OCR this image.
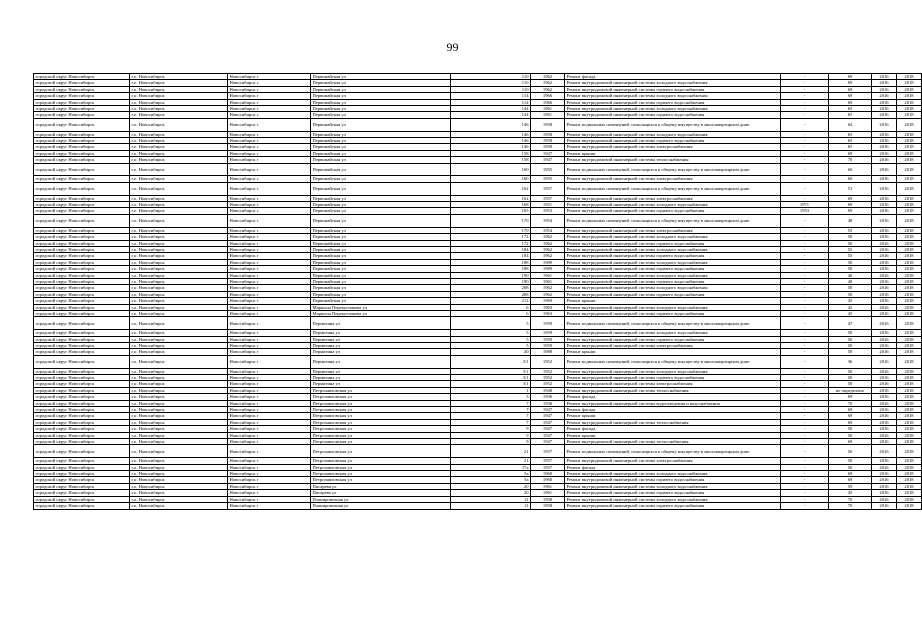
99
городской округ Новосибирск	г.о. Новосибирск	Новосибирск г	Первомайская ул	110	1962	Ремонт фасада	-	69	2016	2018
городской округ Новосибирск	г.о. Новосибирск	Новосибирск г	Первомайская ул	110	1962	Ремонт внутридомовой инженерной системы холодного водоснабжения	-	69	2016	2018
городской округ Новосибирск	г.о. Новосибирск	Новосибирск г	Первомайская ул	110	1962	Ремонт внутридомовой инженерной системы горячего водоснабжения	-	69	2016	2018
городской округ Новосибирск	г.о. Новосибирск	Новосибирск г	Первомайская ул	114	1966	Ремонт внутридомовой инженерной системы холодного водоснабжения	-	69	2016	2018
городской округ Новосибирск	г.о. Новосибирск	Новосибирск г	Первомайская ул	114	1966	Ремонт внутридомовой инженерной системы горячего водоснабжения	-	69	2016	2018
городской округ Новосибирск	г.о. Новосибирск	Новосибирск г	Первомайская ул	144	1961	Ремонт внутридомовой инженерной системы холодного водоснабжения	-	65	2016	2018
городской округ Новосибирск	г.о. Новосибирск	Новосибирск г	Первомайская ул	144	1961	Ремонт внутридомовой инженерной системы горячего водоснабжения	-	65	2016	2018
городской округ Новосибирск	г.о. Новосибирск	Новосибирск г	Первомайская ул	146	1958	Ремонт подвальных помещений, относящихся к общему имуществу в многоквартирном доме	-	64	2016	2018
городской округ Новосибирск	г.о. Новосибирск	Новосибирск г	Первомайская ул	146	1958	Ремонт внутридомовой инженерной системы холодного водоснабжения	-	65	2016	2018
городской округ Новосибирск	г.о. Новосибирск	Новосибирск г	Первомайская ул	146	1958	Ремонт внутридомовой инженерной системы горячего водоснабжения	-	65	2016	2018
городской округ Новосибирск	г.о. Новосибирск	Новосибирск г	Первомайская ул	146	1958	Ремонт внутридомовой инженерной системы электроснабжения	-	65	2016	2018
городской округ Новосибирск	г.о. Новосибирск	Новосибирск г	Первомайская ул	158	1947	Ремонт крыши	-	69	2016	2018
городской округ Новосибирск	г.о. Новосибирск	Новосибирск г	Первомайская ул	158	1947	Ремонт внутридомовой инженерной системы теплоснабжения	-	70	2016	2018
городской округ Новосибирск	г.о. Новосибирск	Новосибирск г	Первомайская ул	160	1955	Ремонт подвальных помещений, относящихся к общему имуществу в многоквартирном доме	-	60	2016	2018
городской округ Новосибирск	г.о. Новосибирск	Новосибирск г	Первомайская ул	160	1955	Ремонт внутридомовой инженерной системы электроснабжения	-	60	2016	2018
городской округ Новосибирск	г.о. Новосибирск	Новосибирск г	Первомайская ул	162	1957	Ремонт подвальных помещений, относящихся к общему имуществу в многоквартирном доме	-	51	2016	2018
городской округ Новосибирск	г.о. Новосибирск	Новосибирск г	Первомайская ул	162	1957	Ремонт внутридомовой инженерной системы электроснабжения	-	69	2016	2018
городской округ Новосибирск	г.о. Новосибирск	Новосибирск г	Первомайская ул	168	1951	Ремонт внутридомовой инженерной системы холодного водоснабжения	1971	69	2016	2018
городской округ Новосибирск	г.о. Новосибирск	Новосибирск г	Первомайская ул	165	1953	Ремонт внутридомовой инженерной системы горячего водоснабжения	1953	69	2016	2018
городской округ Новосибирск	г.о. Новосибирск	Новосибирск г	Первомайская ул	170	1954	Ремонт подвальных помещений, относящихся к общему имуществу в многоквартирном доме	-	48	2016	2018
городской округ Новосибирск	г.о. Новосибирск	Новосибирск г	Первомайская ул	170	1954	Ремонт внутридомовой инженерной системы электроснабжения	-	55	2016	2018
городской округ Новосибирск	г.о. Новосибирск	Новосибирск г	Первомайская ул	172	1962	Ремонт внутридомовой инженерной системы холодного водоснабжения	-	50	2016	2018
городской округ Новосибирск	г.о. Новосибирск	Новосибирск г	Первомайская ул	172	1962	Ремонт внутридомовой инженерной системы горячего водоснабжения	-	50	2016	2018
городской округ Новосибирск	г.о. Новосибирск	Новосибирск г	Первомайская ул	184	1962	Ремонт внутридомовой инженерной системы холодного водоснабжения	-	55	2016	2018
городской округ Новосибирск	г.о. Новосибирск	Новосибирск г	Первомайская ул	184	1962	Ремонт внутридомовой инженерной системы горячего водоснабжения	-	55	2016	2018
городской округ Новосибирск	г.о. Новосибирск	Новосибирск г	Первомайская ул	188	1989	Ремонт внутридомовой инженерной системы холодного водоснабжения	-	50	2016	2018
городской округ Новосибирск	г.о. Новосибирск	Новосибирск г	Первомайская ул	188	1989	Ремонт внутридомовой инженерной системы горячего водоснабжения	-	50	2016	2018
городской округ Новосибирск	г.о. Новосибирск	Новосибирск г	Первомайская ул	190	1961	Ремонт внутридомовой инженерной системы холодного водоснабжения	-	40	2016	2018
городской округ Новосибирск	г.о. Новосибирск	Новосибирск г	Первомайская ул	190	1961	Ремонт внутридомовой инженерной системы горячего водоснабжения	-	40	2016	2018
городской округ Новосибирск	г.о. Новосибирск	Новосибирск г	Первомайская ул	208	1962	Ремонт внутридомовой инженерной системы холодного водоснабжения	-	50	2016	2018
городской округ Новосибирск	г.о. Новосибирск	Новосибирск г	Первомайская ул	208	1962	Ремонт внутридомовой инженерной системы горячего водоснабжения	-	50	2016	2018
городской округ Новосибирск	г.о. Новосибирск	Новосибирск г	Первомайская ул	212	1969	Ремонт крыши	-	45	2016	2018
городской округ Новосибирск	г.о. Новосибирск	Новосибирск г	Маршала Перекупчакова ул	6	1963	Ремонт внутридомовой инженерной системы холодного водоснабжения	-	45	2016	2018
городской округ Новосибирск	г.о. Новосибирск	Новосибирск г	Маршала Перекупчакова ул	6	1963	Ремонт внутридомовой инженерной системы горячего водоснабжения	-	45	2016	2018
городской округ Новосибирск	г.о. Новосибирск	Новосибирск г	Пермитина ул	5	1959	Ремонт подвальных помещений, относящихся к общему имуществу в многоквартирном доме	-	47	2016	2018
городской округ Новосибирск	г.о. Новосибирск	Новосибирск г	Пермитина ул	5	1959	Ремонт внутридомовой инженерной системы холодного водоснабжения	-	50	2016	2018
городской округ Новосибирск	г.о. Новосибирск	Новосибирск г	Пермитина ул	5	1959	Ремонт внутридомовой инженерной системы горячего водоснабжения	-	50	2016	2018
городской округ Новосибирск	г.о. Новосибирск	Новосибирск г	Пермитина ул	5	1959	Ремонт внутридомовой инженерной системы электроснабжения	-	50	2016	2018
городской округ Новосибирск	г.о. Новосибирск	Новосибирск г	Пермитина ул	20	1988	Ремонт крыши	-	50	2016	2018
городской округ Новосибирск	г.о. Новосибирск	Новосибирск г	Пермитина ул	3/1	1952	Ремонт подвальных помещений, относящихся к общему имуществу в многоквартирном доме	-	36	2016	2018
городской округ Новосибирск	г.о. Новосибирск	Новосибирск г	Пермитина ул	3/1	1952	Ремонт внутридомовой инженерной системы холодного водоснабжения	-	50	2016	2018
городской округ Новосибирск	г.о. Новосибирск	Новосибирск г	Пермитина ул	3/1	1952	Ремонт внутридомовой инженерной системы горячего водоснабжения	-	50	2016	2018
городской округ Новосибирск	г.о. Новосибирск	Новосибирск г	Пермитина ул	3/1	1952	Ремонт внутридомовой инженерной системы электроснабжения	-	50	2016	2018
городской округ Новосибирск	г.о. Новосибирск	Новосибирск г	Петропавловская ул	1	1948	Ремонт внутридомовой инженерной системы теплоснабжения	-	не определено	2016	2018
городской округ Новосибирск	г.о. Новосибирск	Новосибирск г	Петропавловская ул	3	1936	Ремонт фасада	-	69	2016	2018
городской округ Новосибирск	г.о. Новосибирск	Новосибирск г	Петропавловская ул	7	1936	Ремонт внутридомовой инженерной системы водоотведения и водоснабжения	-	70	2016	2018
городской округ Новосибирск	г.о. Новосибирск	Новосибирск г	Петропавловская ул	7	1947	Ремонт фасада	-	69	2016	2018
городской округ Новосибирск	г.о. Новосибирск	Новосибирск г	Петропавловская ул	7	1947	Ремонт крыши	-	69	2016	2018
городской округ Новосибирск	г.о. Новосибирск	Новосибирск г	Петропавловская ул	7	1947	Ремонт внутридомовой инженерной системы теплоснабжения	-	69	2016	2018
городской округ Новосибирск	г.о. Новосибирск	Новосибирск г	Петропавловская ул	9	1947	Ремонт фасада	-	50	2016	2018
городской округ Новосибирск	г.о. Новосибирск	Новосибирск г	Петропавловская ул	9	1947	Ремонт крыши	-	50	2016	2018
городской округ Новосибирск	г.о. Новосибирск	Новосибирск г	Петропавловская ул	9	1947	Ремонт внутридомовой инженерной системы теплоснабжения	-	69	2016	2018
городской округ Новосибирск	г.о. Новосибирск	Новосибирск г	Петропавловская ул	21	1957	Ремонт подвальных помещений, относящихся к общему имуществу в многоквартирном доме	-	50	2016	2018
городской округ Новосибирск	г.о. Новосибирск	Новосибирск г	Петропавловская ул	21	1957	Ремонт внутридомовой инженерной системы электроснабжения	-	50	2016	2018
городской округ Новосибирск	г.о. Новосибирск	Новосибирск г	Петропавловская ул	17а	1957	Ремонт фасада	-	50	2016	2018
городской округ Новосибирск	г.о. Новосибирск	Новосибирск г	Петропавловская ул	5а	1960	Ремонт внутридомовой инженерной системы холодного водоснабжения	-	69	2016	2018
городской округ Новосибирск	г.о. Новосибирск	Новосибирск г	Петропавловская ул	5а	1960	Ремонт внутридомовой инженерной системы горячего водоснабжения	-	69	2016	2018
городской округ Новосибирск	г.о. Новосибирск	Новосибирск г	Писарева ул	20	1961	Ремонт внутридомовой инженерной системы холодного водоснабжения	-	59	2016	2018
городской округ Новосибирск	г.о. Новосибирск	Новосибирск г	Писарева ул	20	1961	Ремонт внутридомовой инженерной системы горячего водоснабжения	-	45	2016	2018
городской округ Новосибирск	г.о. Новосибирск	Новосибирск г	Планировочная ул	11	1958	Ремонт внутридомовой инженерной системы холодного водоснабжения	-	70	2016	2018
городской округ Новосибирск	г.о. Новосибирск	Новосибирск г	Планировочная ул	11	1958	Ремонт внутридомовой инженерной системы горячего водоснабжения	-	70	2016	2018
